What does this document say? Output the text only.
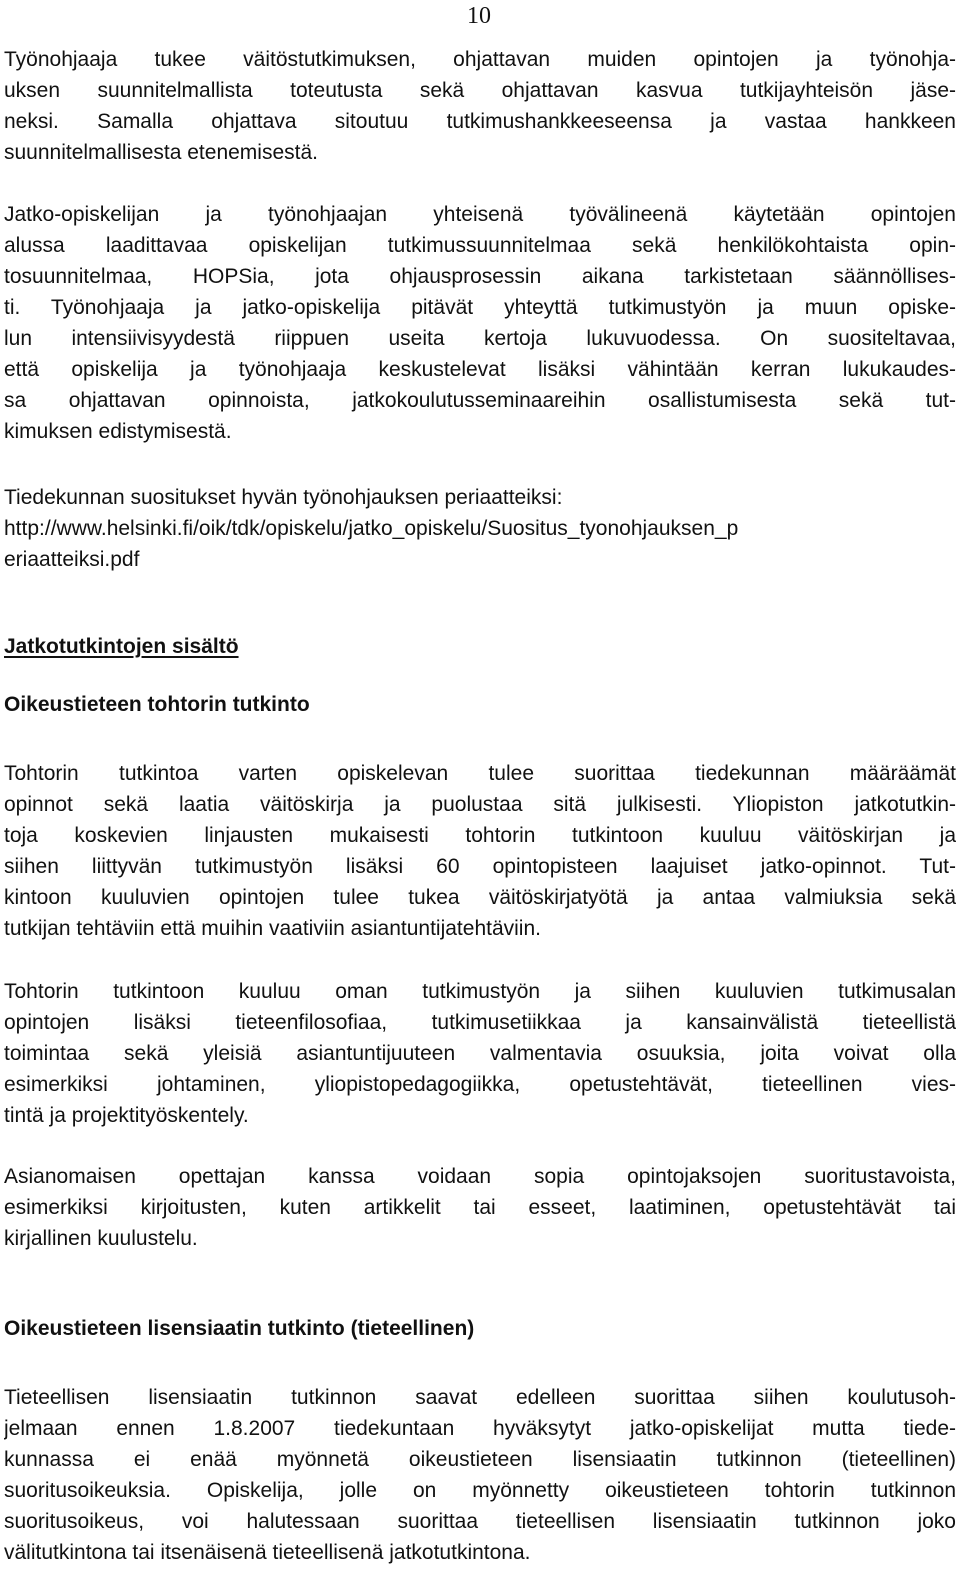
10
Työnohjaaja tukee väitöstutkimuksen, ohjattavan muiden opintojen ja työnohja-
uksen suunnitelmallista toteutusta sekä ohjattavan kasvua tutkijayhteisön jäse-
neksi. Samalla ohjattava sitoutuu tutkimushankkeeseensa ja vastaa hankkeen
suunnitelmallisesta etenemisestä.
Jatko-opiskelijan ja työnohjaajan yhteisenä työvälineenä käytetään opintojen
alussa laadittavaa opiskelijan tutkimussuunnitelmaa sekä henkilökohtaista opin-
tosuunnitelmaa, HOPSia, jota ohjausprosessin aikana tarkistetaan säännöllises-
ti. Työnohjaaja ja jatko-opiskelija pitävät yhteyttä tutkimustyön ja muun opiske-
lun intensiivisyydestä riippuen useita kertoja lukuvuodessa. On suositeltavaa,
että opiskelija ja työnohjaaja keskustelevat lisäksi vähintään kerran lukukaudes-
sa ohjattavan opinnoista, jatkokoulutusseminaareihin osallistumisesta sekä tut-
kimuksen edistymisestä.
Tiedekunnan suositukset hyvän työnohjauksen periaatteiksi:
http://www.helsinki.fi/oik/tdk/opiskelu/jatko_opiskelu/Suositus_tyonohjauksen_p
eriaatteiksi.pdf
Jatkotutkintojen sisältö
Oikeustieteen tohtorin tutkinto
Tohtorin tutkintoa varten opiskelevan tulee suorittaa tiedekunnan määräämät
opinnot sekä laatia väitöskirja ja puolustaa sitä julkisesti. Yliopiston jatkotutkin-
toja koskevien linjausten mukaisesti tohtorin tutkintoon kuuluu väitöskirjan ja
siihen liittyvän tutkimustyön lisäksi 60 opintopisteen laajuiset jatko-opinnot. Tut-
kintoon kuuluvien opintojen tulee tukea väitöskirjatyötä ja antaa valmiuksia sekä
tutkijan tehtäviin että muihin vaativiin asiantuntijatehtäviin.
Tohtorin tutkintoon kuuluu oman tutkimustyön ja siihen kuuluvien tutkimusalan
opintojen lisäksi tieteenfilosofiaa, tutkimusetiikkaa ja kansainvälistä tieteellistä
toimintaa sekä yleisiä asiantuntijuuteen valmentavia osuuksia, joita voivat olla
esimerkiksi johtaminen, yliopistopedagogiikka, opetustehtävät, tieteellinen vies-
tintä ja projektityöskentely.
Asianomaisen opettajan kanssa voidaan sopia opintojaksojen suoritustavoista,
esimerkiksi kirjoitusten, kuten artikkelit tai esseet, laatiminen, opetustehtävät tai
kirjallinen kuulustelu.
Oikeustieteen lisensiaatin tutkinto (tieteellinen)
Tieteellisen lisensiaatin tutkinnon saavat edelleen suorittaa siihen koulutusoh-
jelmaan ennen 1.8.2007 tiedekuntaan hyväksytyt jatko-opiskelijat mutta tiede-
kunnassa ei enää myönnetä oikeustieteen lisensiaatin tutkinnon (tieteellinen)
suoritusoikeuksia. Opiskelija, jolle on myönnetty oikeustieteen tohtorin tutkinnon
suoritusoikeus, voi halutessaan suorittaa tieteellisen lisensiaatin tutkinnon joko
välitutkintona tai itsenäisenä tieteellisenä jatkotutkintona.
